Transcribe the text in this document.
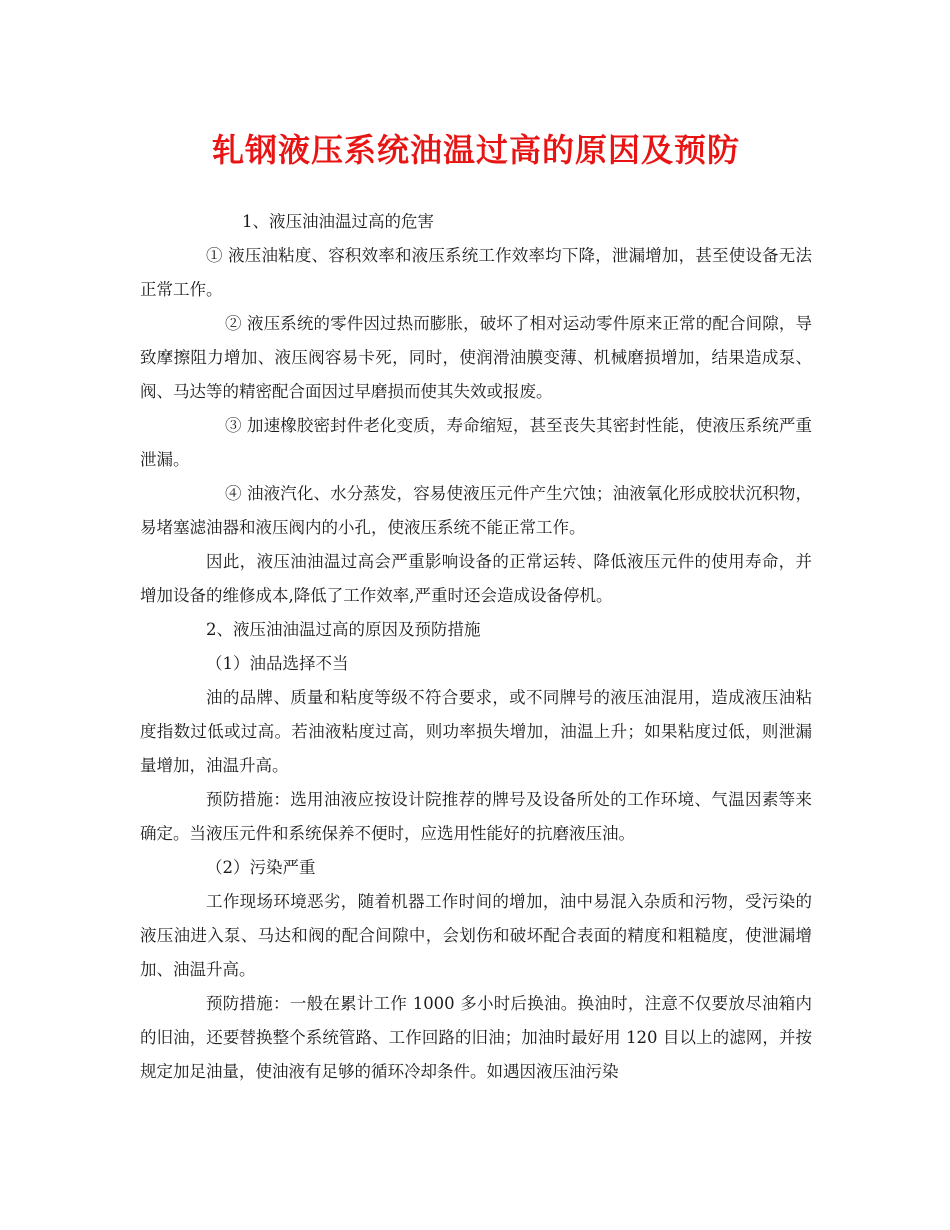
轧钢液压系统油温过高的原因及预防

1、液压油油温过高的危害

① 液压油粘度、容积效率和液压系统工作效率均下降，泄漏增加，甚至使设备无法正常工作。

② 液压系统的零件因过热而膨胀，破坏了相对运动零件原来正常的配合间隙，导致摩擦阻力增加、液压阀容易卡死，同时，使润滑油膜变薄、机械磨损增加，结果造成泵、阀、马达等的精密配合面因过早磨损而使其失效或报废。

③ 加速橡胶密封件老化变质，寿命缩短，甚至丧失其密封性能，使液压系统严重泄漏。

④ 油液汽化、水分蒸发，容易使液压元件产生穴蚀；油液氧化形成胶状沉积物，易堵塞滤油器和液压阀内的小孔，使液压系统不能正常工作。

因此，液压油油温过高会严重影响设备的正常运转、降低液压元件的使用寿命，并增加设备的维修成本,降低了工作效率,严重时还会造成设备停机。

2、液压油油温过高的原因及预防措施

（1）油品选择不当

油的品牌、质量和粘度等级不符合要求，或不同牌号的液压油混用，造成液压油粘度指数过低或过高。若油液粘度过高，则功率损失增加，油温上升；如果粘度过低，则泄漏量增加，油温升高。

预防措施：选用油液应按设计院推荐的牌号及设备所处的工作环境、气温因素等来确定。当液压元件和系统保养不便时，应选用性能好的抗磨液压油。

（2）污染严重

工作现场环境恶劣，随着机器工作时间的增加，油中易混入杂质和污物，受污染的液压油进入泵、马达和阀的配合间隙中，会划伤和破坏配合表面的精度和粗糙度，使泄漏增加、油温升高。

预防措施：一般在累计工作 1000 多小时后换油。换油时，注意不仅要放尽油箱内的旧油，还要替换整个系统管路、工作回路的旧油；加油时最好用 120 目以上的滤网，并按规定加足油量，使油液有足够的循环冷却条件。如遇因液压油污染
